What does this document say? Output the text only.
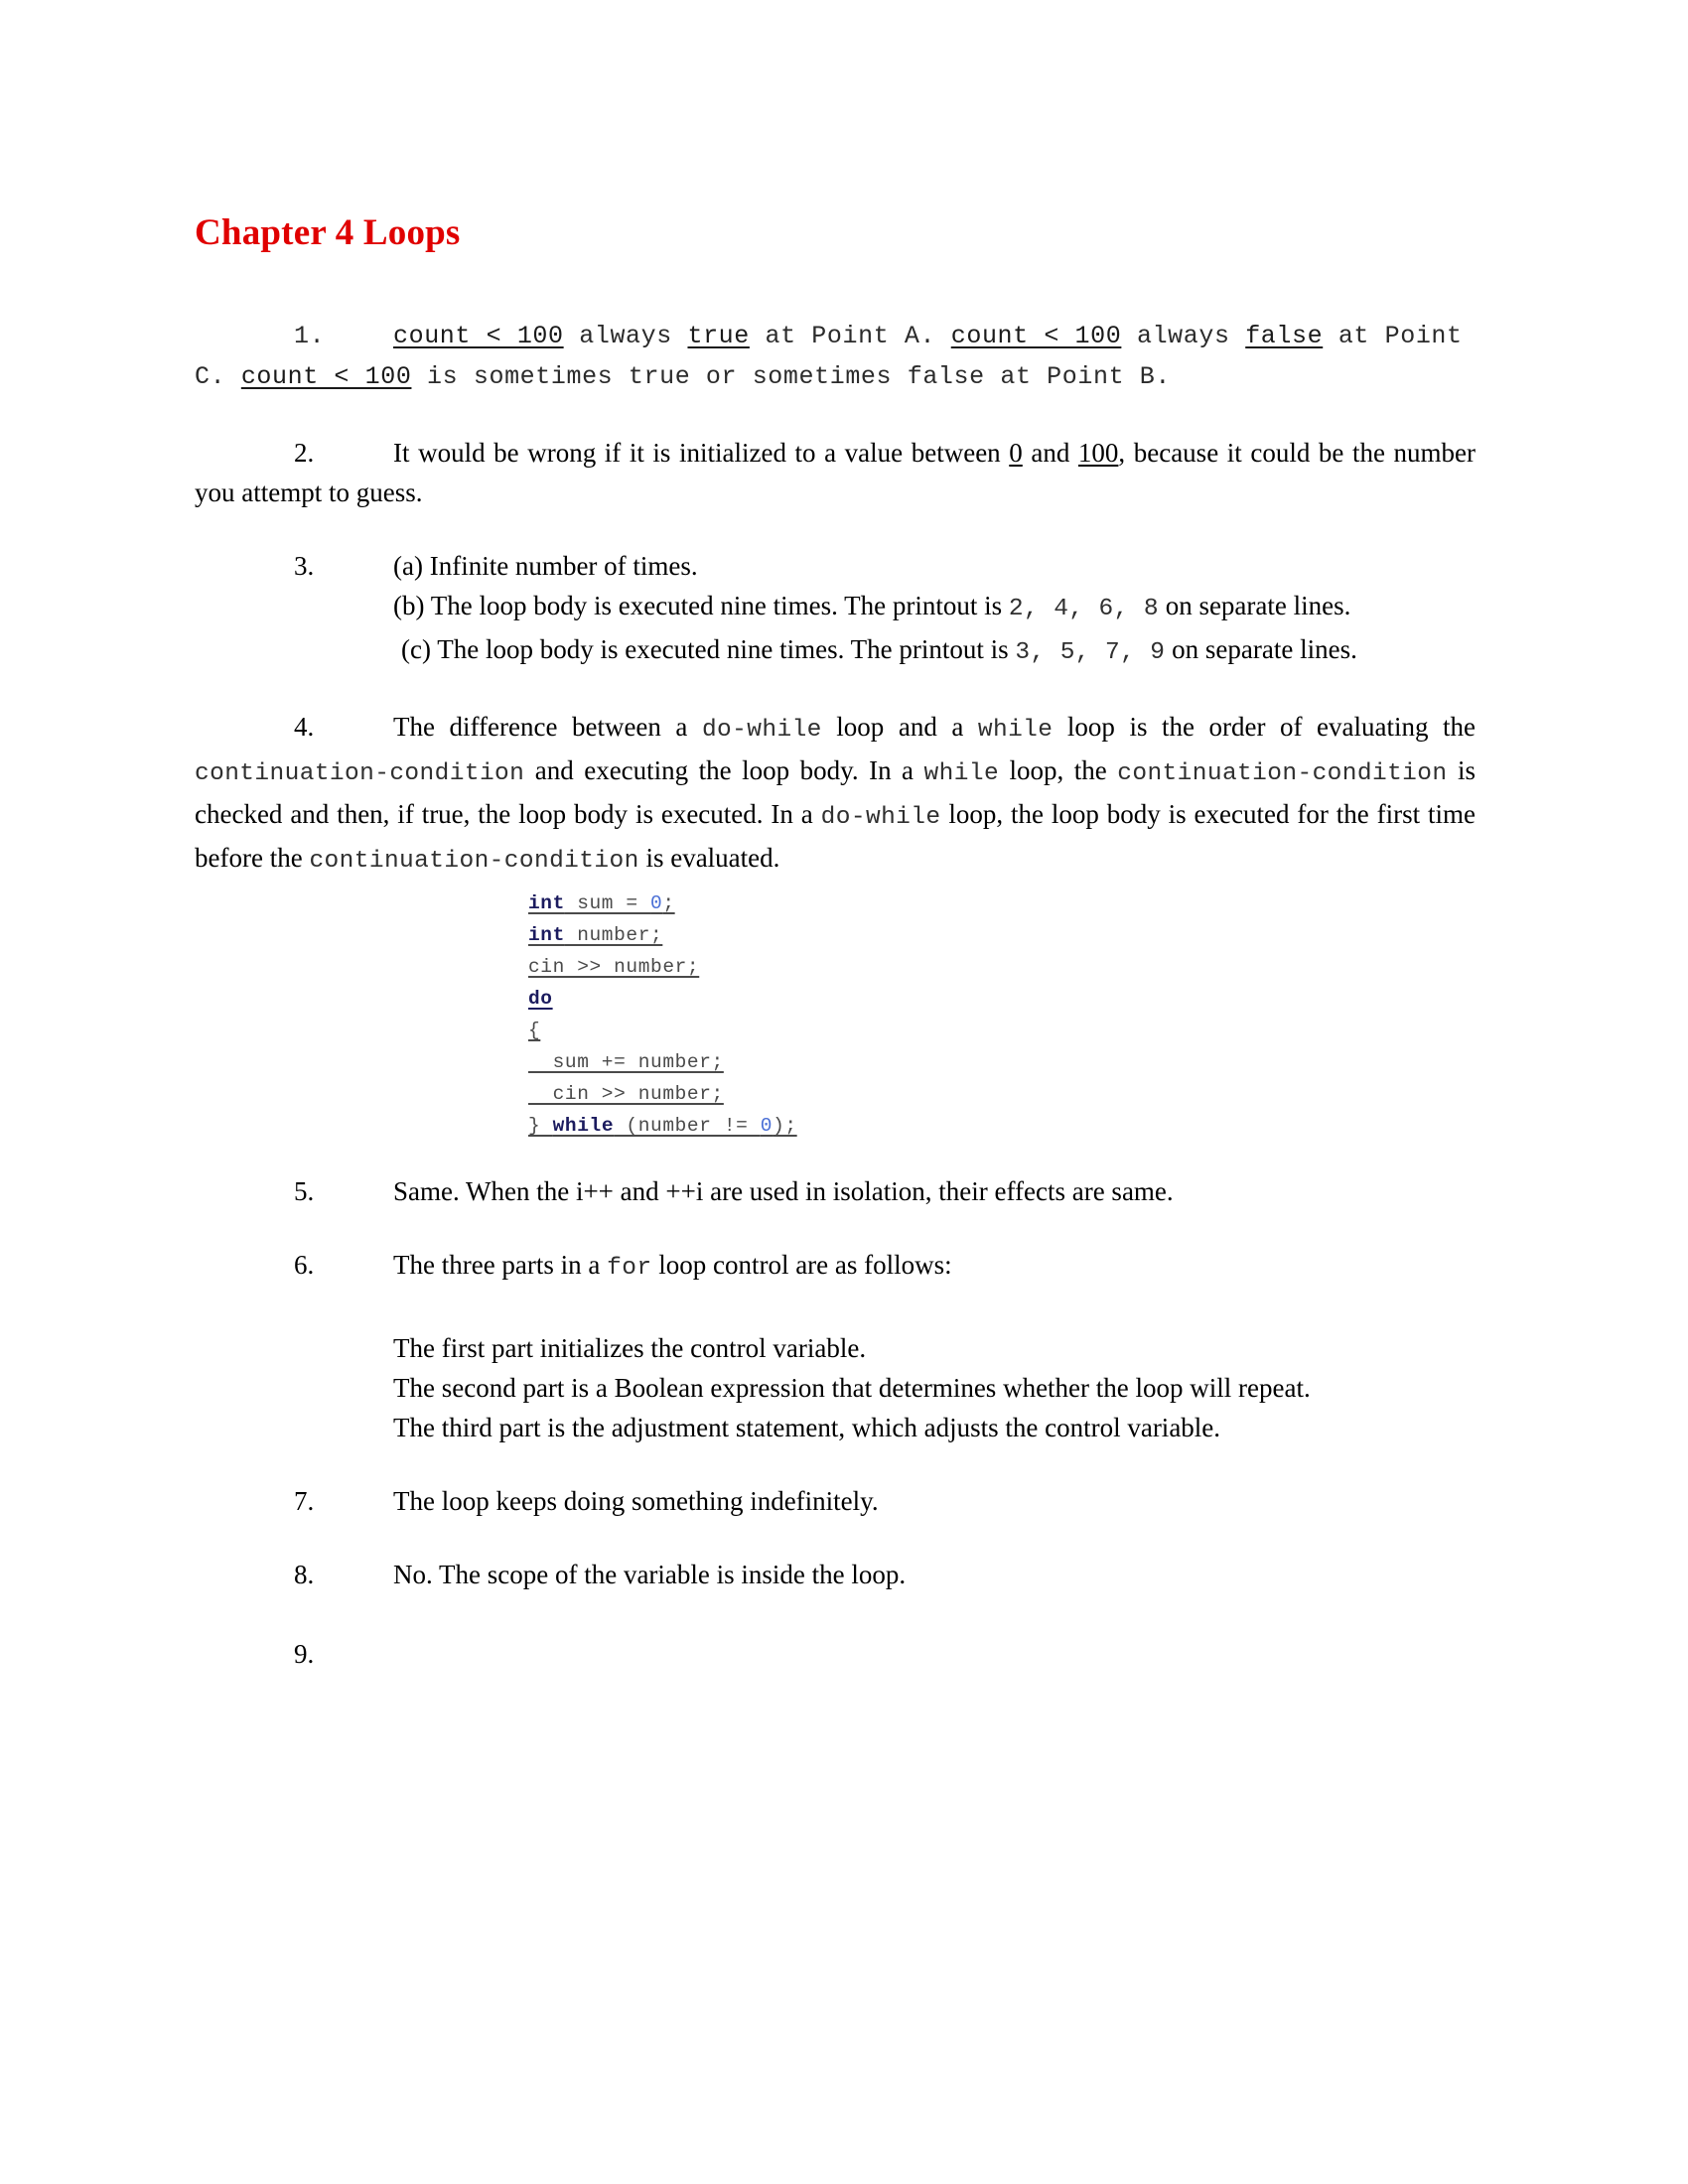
Chapter 4 Loops
1.	count < 100 always true at Point A. count < 100 always false at Point C. count < 100 is sometimes true or sometimes false at Point B.
2.	It would be wrong if it is initialized to a value between 0 and 100, because it could be the number you attempt to guess.
3.	(a) Infinite number of times.
(b) The loop body is executed nine times. The printout is 2, 4, 6, 8 on separate lines.
(c) The loop body is executed nine times. The printout is 3, 5, 7, 9 on separate lines.
4.	The difference between a do-while loop and a while loop is the order of evaluating the continuation-condition and executing the loop body. In a while loop, the continuation-condition is checked and then, if true, the loop body is executed. In a do-while loop, the loop body is executed for the first time before the continuation-condition is evaluated.
int sum = 0;
int number;
cin >> number;
do
{
sum += number;
cin >> number;
} while (number != 0);
5.	Same. When the i++ and ++i are used in isolation, their effects are same.
6.	The three parts in a for loop control are as follows:
The first part initializes the control variable.
The second part is a Boolean expression that determines whether the loop will repeat.
The third part is the adjustment statement, which adjusts the control variable.
7.	The loop keeps doing something indefinitely.
8.	No. The scope of the variable is inside the loop.
9.
